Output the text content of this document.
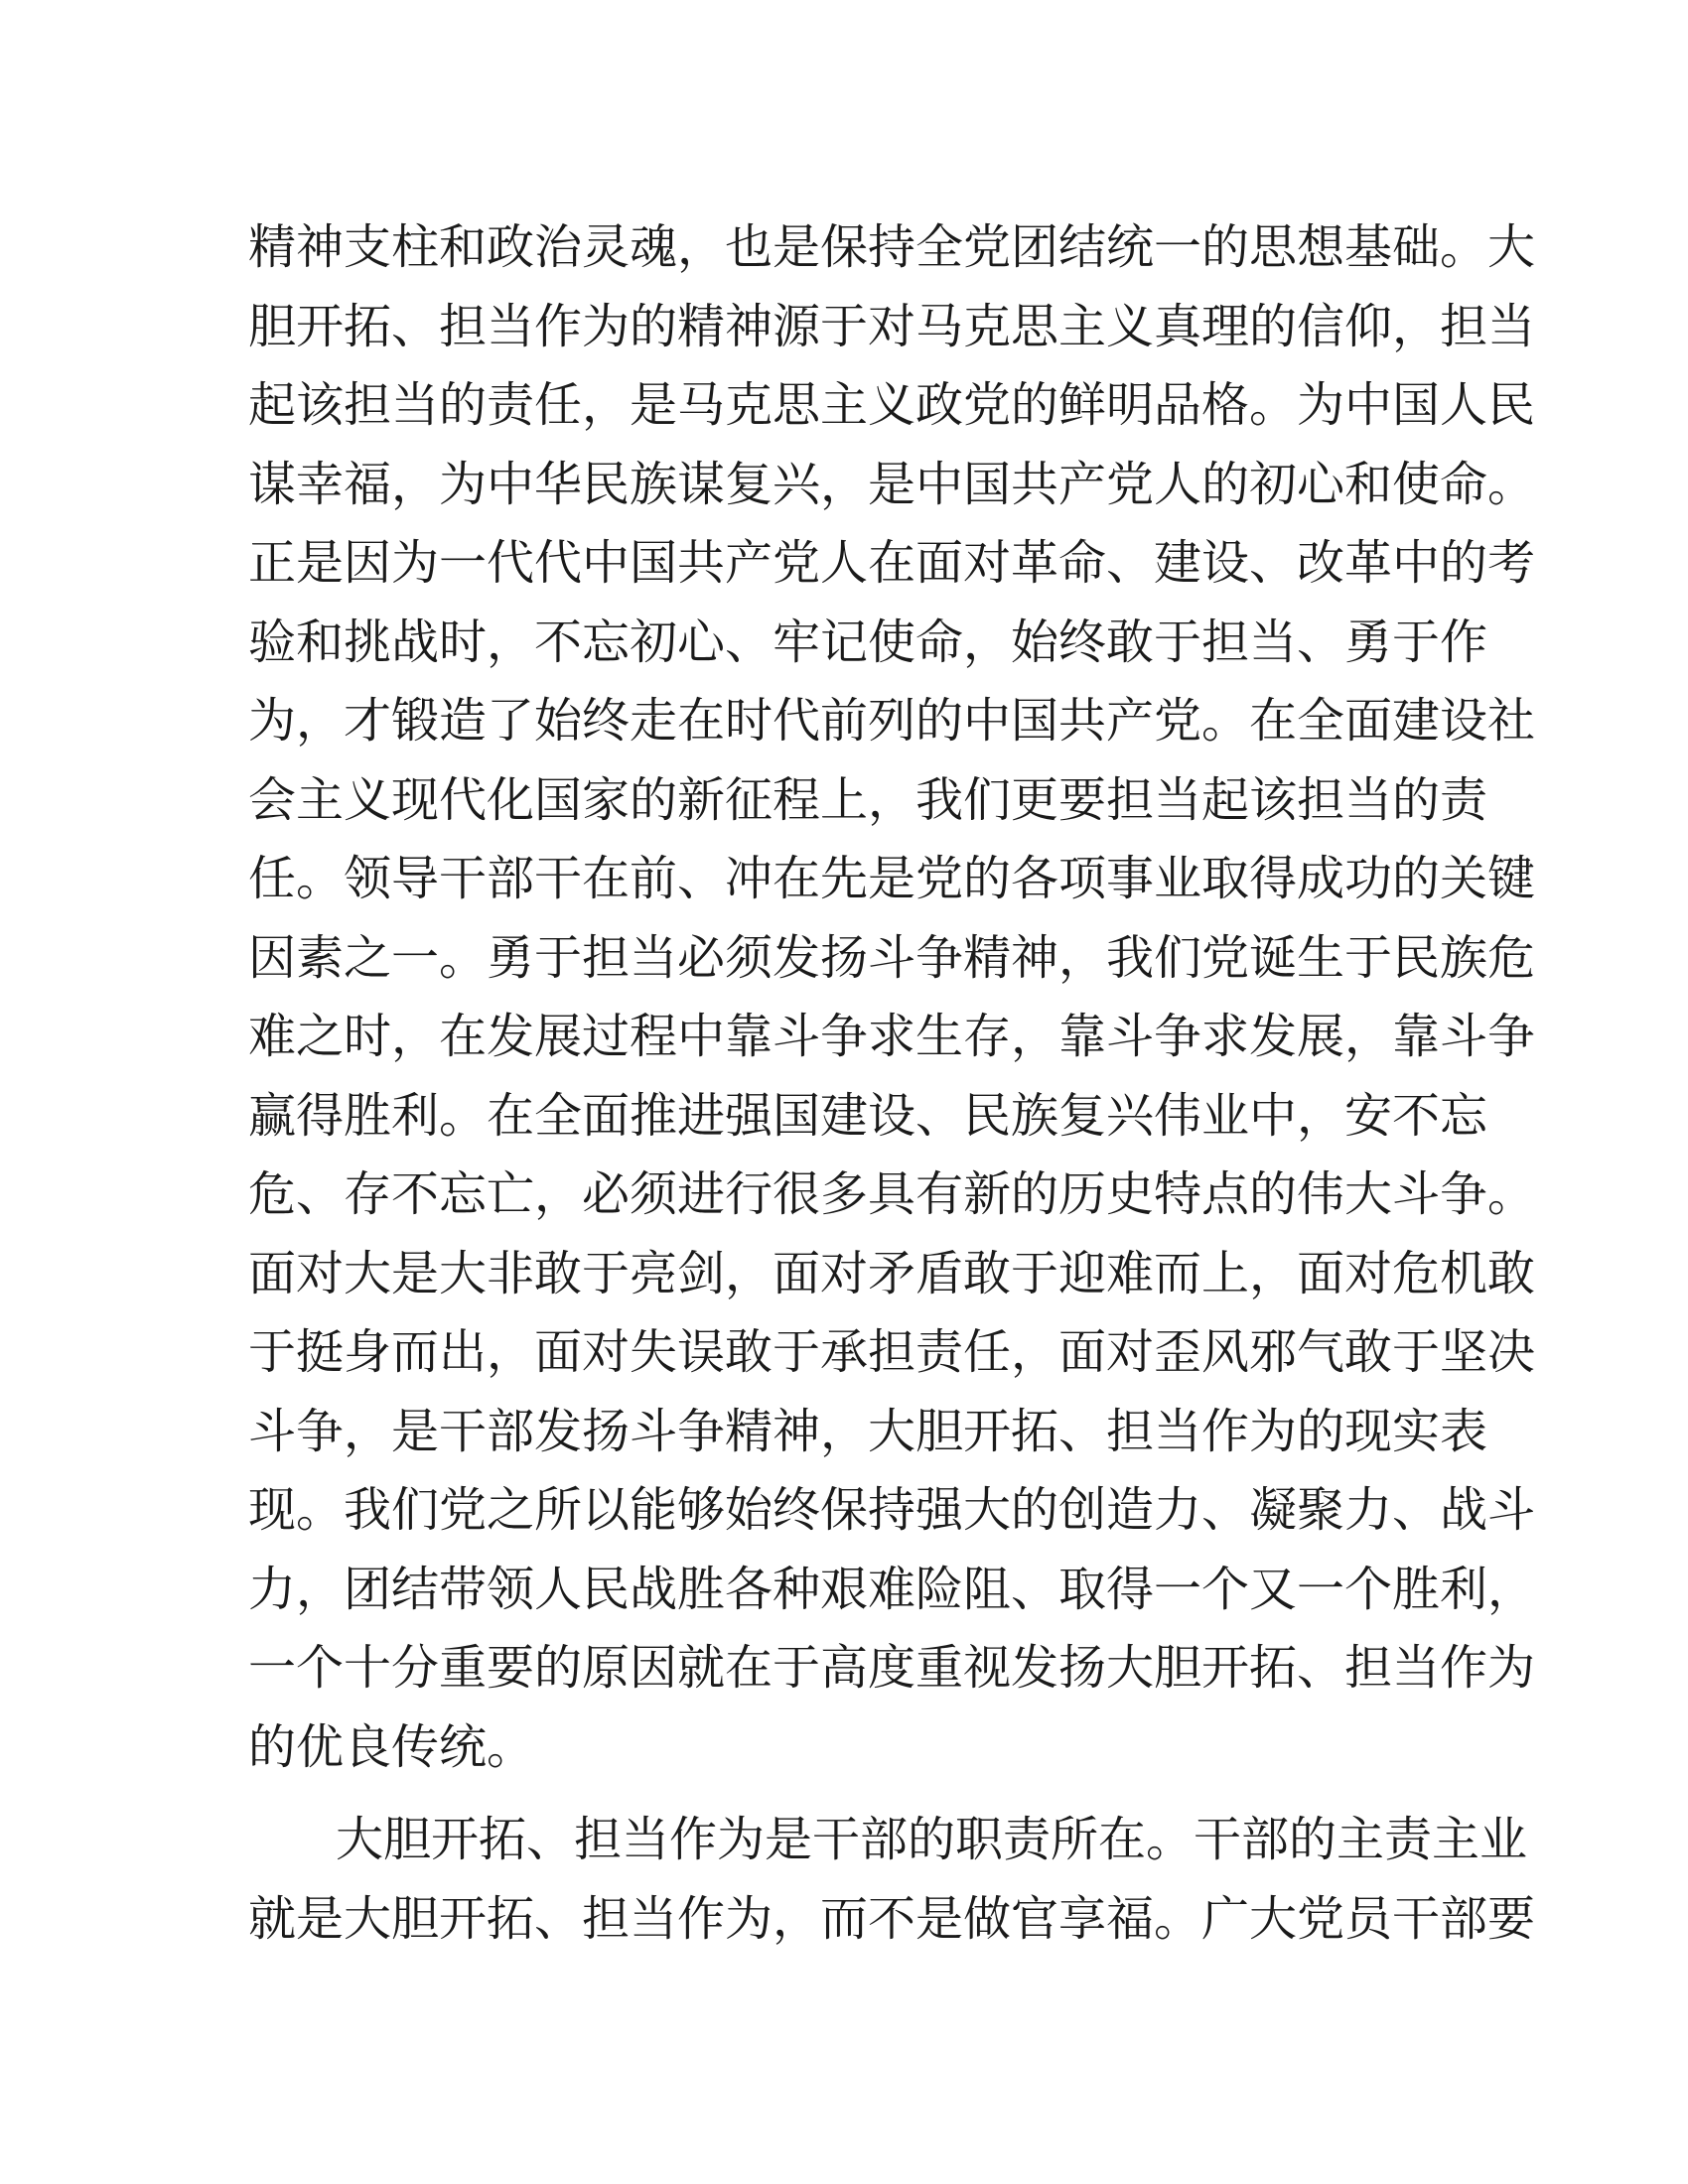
精神支柱和政治灵魂，也是保持全党团结统一的思想基础。大
胆开拓、担当作为的精神源于对马克思主义真理的信仰，担当
起该担当的责任，是马克思主义政党的鲜明品格。为中国人民
谋幸福，为中华民族谋复兴，是中国共产党人的初心和使命。
正是因为一代代中国共产党人在面对革命、建设、改革中的考
验和挑战时，不忘初心、牢记使命，始终敢于担当、勇于作
为，才锻造了始终走在时代前列的中国共产党。在全面建设社
会主义现代化国家的新征程上，我们更要担当起该担当的责
任。领导干部干在前、冲在先是党的各项事业取得成功的关键
因素之一。勇于担当必须发扬斗争精神，我们党诞生于民族危
难之时，在发展过程中靠斗争求生存，靠斗争求发展，靠斗争
赢得胜利。在全面推进强国建设、民族复兴伟业中，安不忘
危、存不忘亡，必须进行很多具有新的历史特点的伟大斗争。
面对大是大非敢于亮剑，面对矛盾敢于迎难而上，面对危机敢
于挺身而出，面对失误敢于承担责任，面对歪风邪气敢于坚决
斗争，是干部发扬斗争精神，大胆开拓、担当作为的现实表
现。我们党之所以能够始终保持强大的创造力、凝聚力、战斗
力，团结带领人民战胜各种艰难险阻、取得一个又一个胜利，
一个十分重要的原因就在于高度重视发扬大胆开拓、担当作为
的优良传统。
大胆开拓、担当作为是干部的职责所在。干部的主责主业
就是大胆开拓、担当作为，而不是做官享福。广大党员干部要
